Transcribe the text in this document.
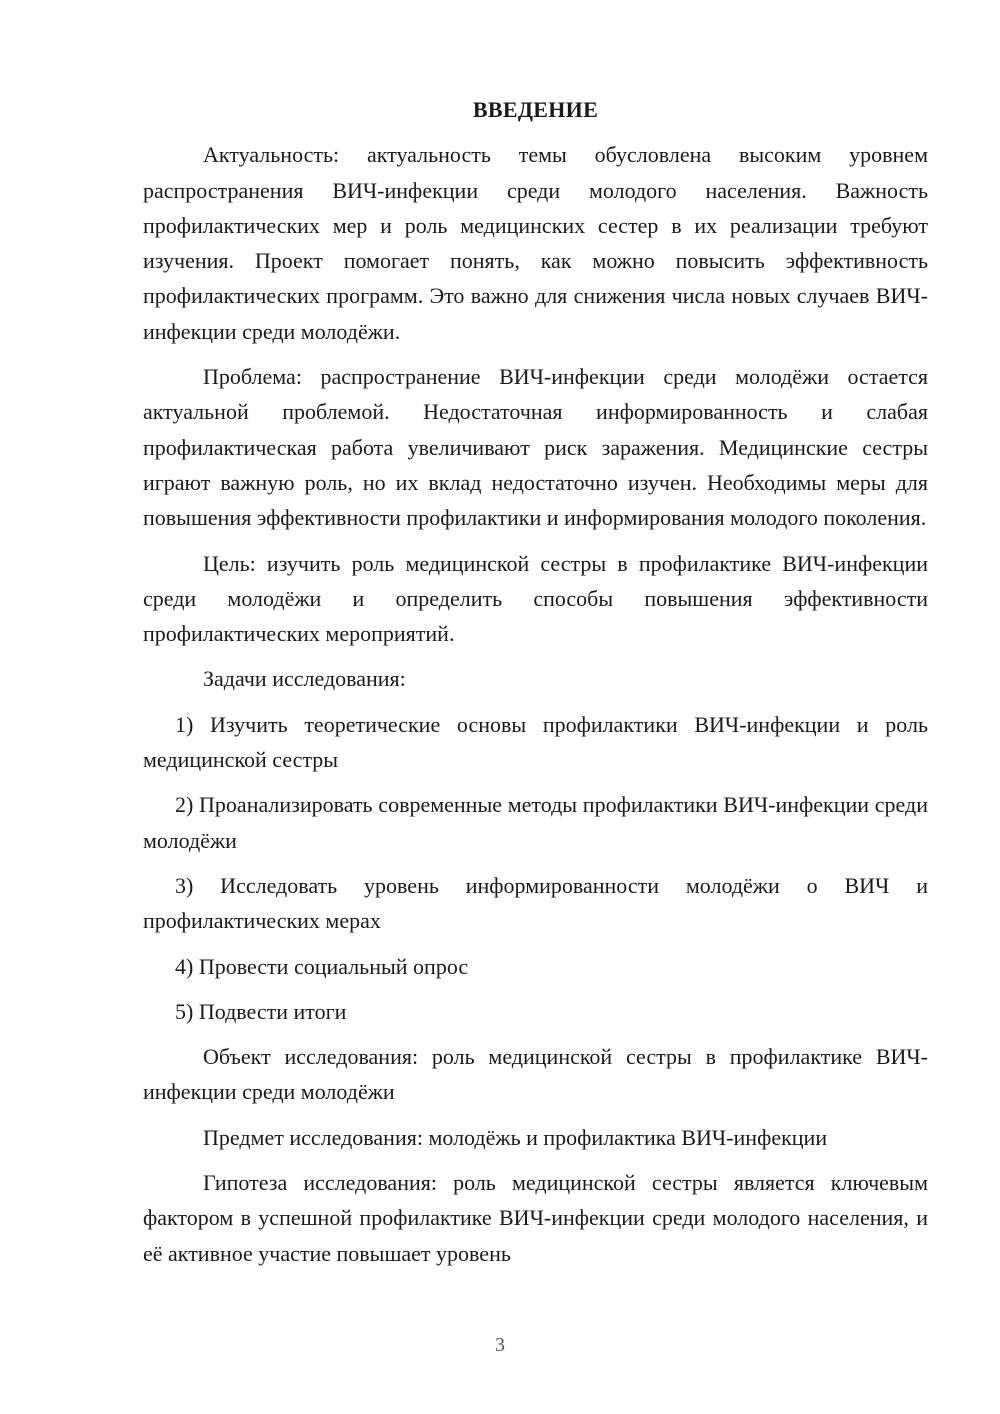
ВВЕДЕНИЕ

Актуальность: актуальность темы обусловлена высоким уровнем распространения ВИЧ-инфекции среди молодого населения. Важность профилактических мер и роль медицинских сестер в их реализации требуют изучения. Проект помогает понять, как можно повысить эффективность профилактических программ. Это важно для снижения числа новых случаев ВИЧ-инфекции среди молодёжи.

Проблема: распространение ВИЧ-инфекции среди молодёжи остается актуальной проблемой. Недостаточная информированность и слабая профилактическая работа увеличивают риск заражения. Медицинские сестры играют важную роль, но их вклад недостаточно изучен. Необходимы меры для повышения эффективности профилактики и информирования молодого поколения.

Цель: изучить роль медицинской сестры в профилактике ВИЧ-инфекции среди молодёжи и определить способы повышения эффективности профилактических мероприятий.

Задачи исследования:

1) Изучить теоретические основы профилактики ВИЧ-инфекции и роль медицинской сестры

2) Проанализировать современные методы профилактики ВИЧ-инфекции среди молодёжи

3) Исследовать уровень информированности молодёжи о ВИЧ и профилактических мерах

4) Провести социальный опрос

5) Подвести итоги

Объект исследования: роль медицинской сестры в профилактике ВИЧ-инфекции среди молодёжи

Предмет исследования: молодёжь и профилактика ВИЧ-инфекции

Гипотеза исследования: роль медицинской сестры является ключевым фактором в успешной профилактике ВИЧ-инфекции среди молодого населения, и её активное участие повышает уровень

3
